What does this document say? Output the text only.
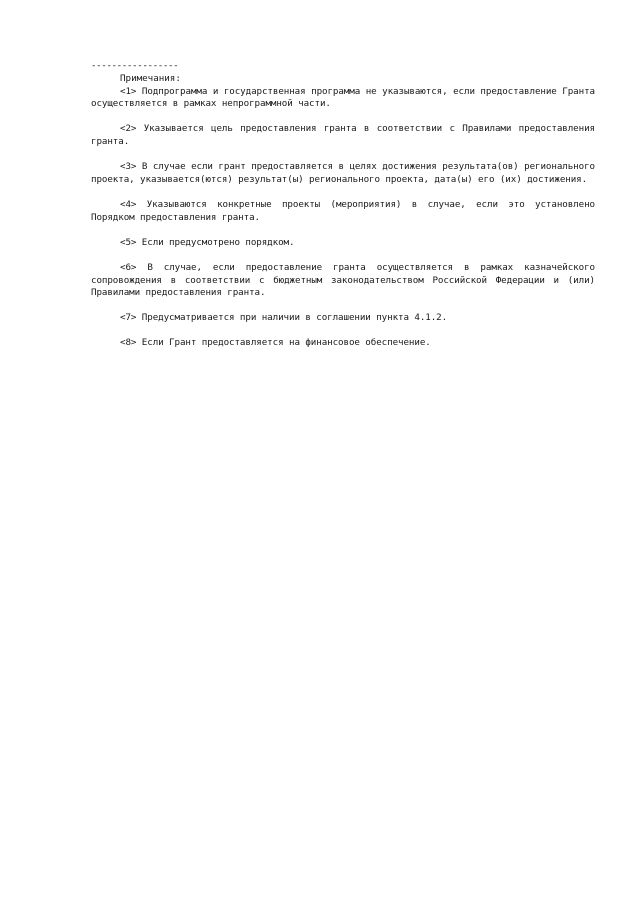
-----------------

Примечания:

<1> Подпрограмма и государственная программа не указываются, если предоставление Гранта осуществляется в рамках непрограммной части.

<2> Указывается цель предоставления гранта в соответствии с Правилами предоставления гранта.

<3> В случае если грант предоставляется в целях достижения результата(ов) регионального проекта, указывается(ются) результат(ы) регионального проекта, дата(ы) его (их) достижения.

<4> Указываются конкретные проекты (мероприятия) в случае, если это установлено Порядком предоставления гранта.

<5> Если предусмотрено порядком.

<6> В случае, если предоставление гранта осуществляется в рамках казначейского сопровождения в соответствии с бюджетным законодательством Российской Федерации и (или) Правилами предоставления гранта.

<7> Предусматривается при наличии в соглашении пункта 4.1.2.

<8> Если Грант предоставляется на финансовое обеспечение.
